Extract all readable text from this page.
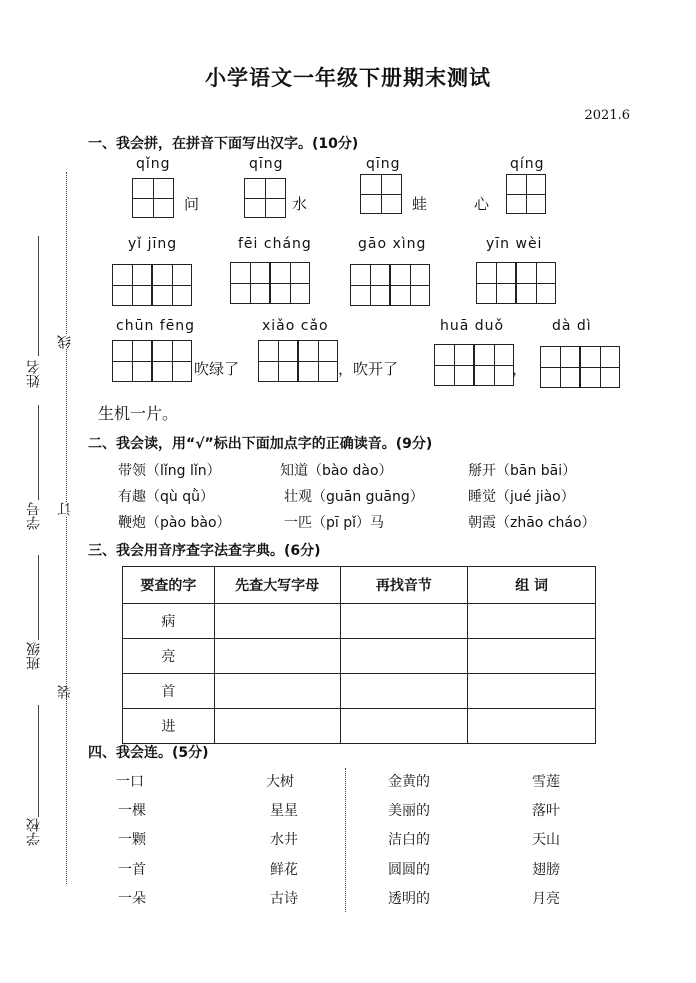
姓名
学号
班级
学校
线
订
装
小学语文一年级下册期末测试
2021.6
一、我会拼，在拼音下面写出汉字。(10分)
qǐng
问
qīng
水
qīng
蛙	心
qíng
yǐ jīng	fēi cháng	gāo xìng	yīn wèi
chūn fēng
吹绿了
xiǎo cǎo
，吹开了
huā duǒ
，
dà dì
生机一片。
二、我会读，用“√”标出下面加点字的正确读音。(9分)
带领（lǐng lǐn）	知道（bào dào）	掰开（bān bāi）
有趣（qù qǜ）	壮观（guān guāng）	睡觉（jué jiào）
鞭炮（pào bào）	一匹（pī pǐ）马	朝霞（zhāo cháo）
三、我会用音序查字法查字典。(6分)
要查的字	先查大写字母	再找音节	组 词
病			
亮			
首			
进			
四、我会连。(5分)
一口
一棵
一颗
一首
一朵
大树
星星
水井
鲜花
古诗
金黄的
美丽的
洁白的
圆圆的
透明的
雪莲
落叶
天山
翅膀
月亮
